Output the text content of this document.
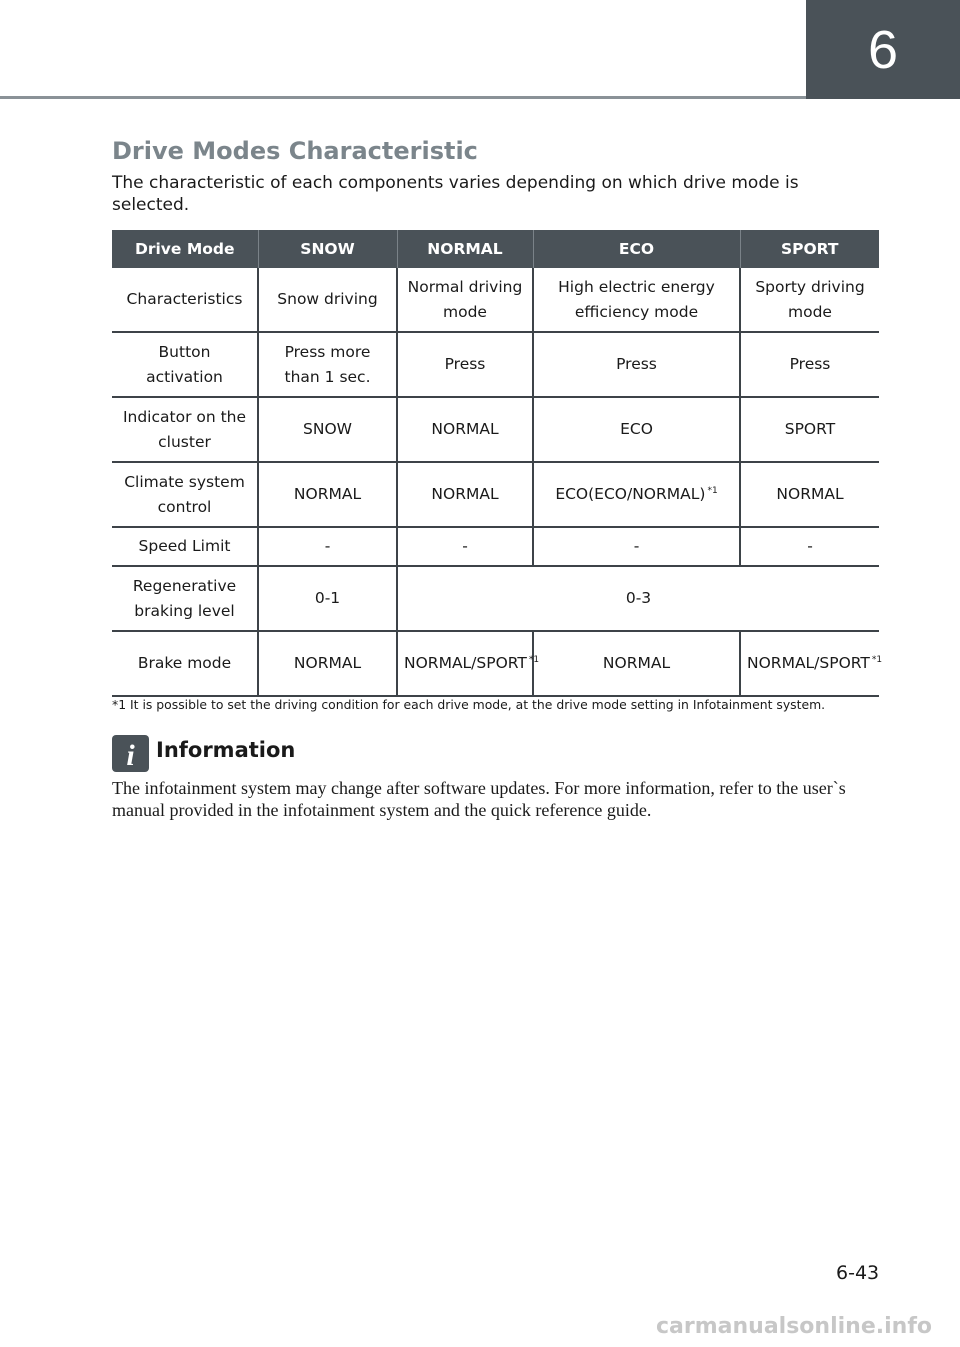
6
Drive Modes Characteristic
The characteristic of each components varies depending on which drive mode is selected.
Drive Mode	SNOW	NORMAL	ECO	SPORT
Characteristics	Snow driving	Normal driving mode	High electric energy efficiency mode	Sporty driving mode
Button activation	Press more than 1 sec.	Press	Press	Press
Indicator on the cluster	SNOW	NORMAL	ECO	SPORT
Climate system control	NORMAL	NORMAL	ECO(ECO/NORMAL) $^{*1}$	NORMAL
Speed Limit	-	-	-	-
Regenerative braking level	0-1	0-3		
Brake mode	NORMAL	NORMAL/SPORT $^{*1}$	NORMAL	NORMAL/SPORT $^{*1}$
*1 It is possible to set the driving condition for each drive mode, at the drive mode setting in Infotainment system.
i Information
The infotainment system may change after software updates. For more information, refer to the user`s manual provided in the infotainment system and the quick reference guide.
6-43
carmanualsonline.info
